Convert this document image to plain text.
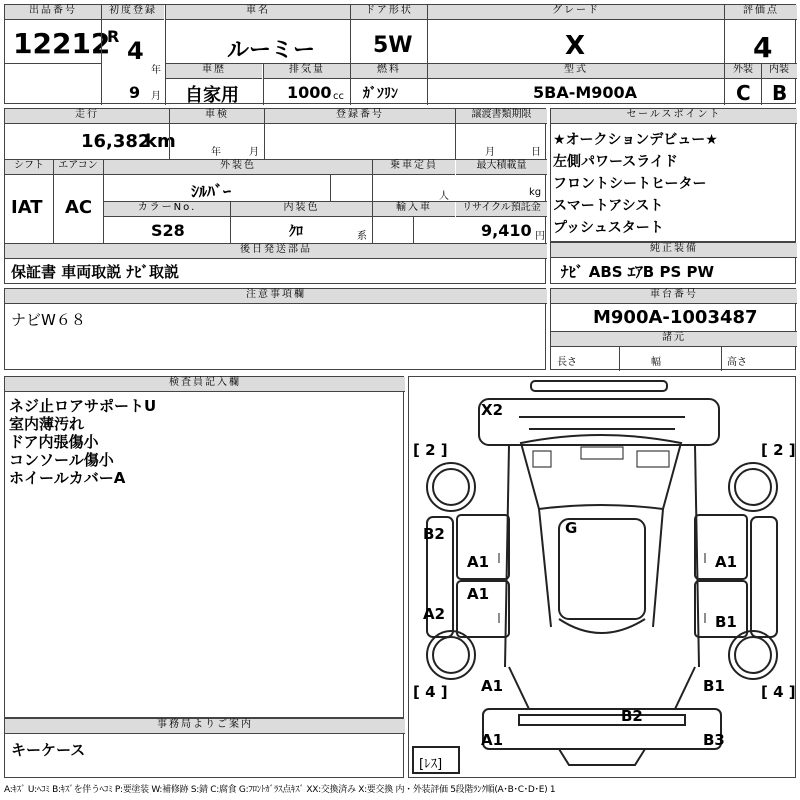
出品番号
12212
初度登録
R
4
年
9 月
車名
ルーミー
ドア形状
5W
グレード
X
評価点
4
車歴
自家用
排気量
1000 cc
燃料
ｶﾞｿﾘﾝ
型式
5BA-M900A
外装	内装
C B
走行
16,382
km
車検
年	月
登録番号	譲渡書類期限
月	日
シフト	エアコン
IAT AC
外装色
ｼﾙﾊﾞｰ
乗車定員
人
最大積載量
kg
カラーNo.
S28
内装色
ｸﾛ	系
輸入車	リサイクル預託金
9,410 円
後日発送部品
保証書 車両取説 ﾅﾋﾞ取説
セールスポイント
★オークションデビュー★
左側パワースライド
フロントシートヒーター
スマートアシスト
プッシュスタート
純正装備
ﾅﾋﾞ ABS ｴｱB PS PW
注意事項欄
ナビW６８
車台番号
M900A-1003487
諸元
長さ	幅	高さ
検査員記入欄
ネジ止ロアサポートU
室内薄汚れ
ドア内張傷小
コンソール傷小
ホイールカバーA
事務局よりご案内
キーケース
X2
[ 2 ]	[ 2 ]
B2	G
A1	A1
A1
A2	B1
[ 4 ]	[ 4 ]
A1	B1
B2
A1	B3
[ﾚｽ]
A:ｷｽﾞ U:ﾍｺﾐ B:ｷｽﾞを伴うﾍｺﾐ P:要塗装 W:補修跡 S:錆 C:腐食 G:ﾌﾛﾝﾄｶﾞﾗｽ点ｷｽﾞ XX:交換済み X:要交換 内・外装評価 5段階ﾗﾝｸ順(A･B･C･D･E) 1
